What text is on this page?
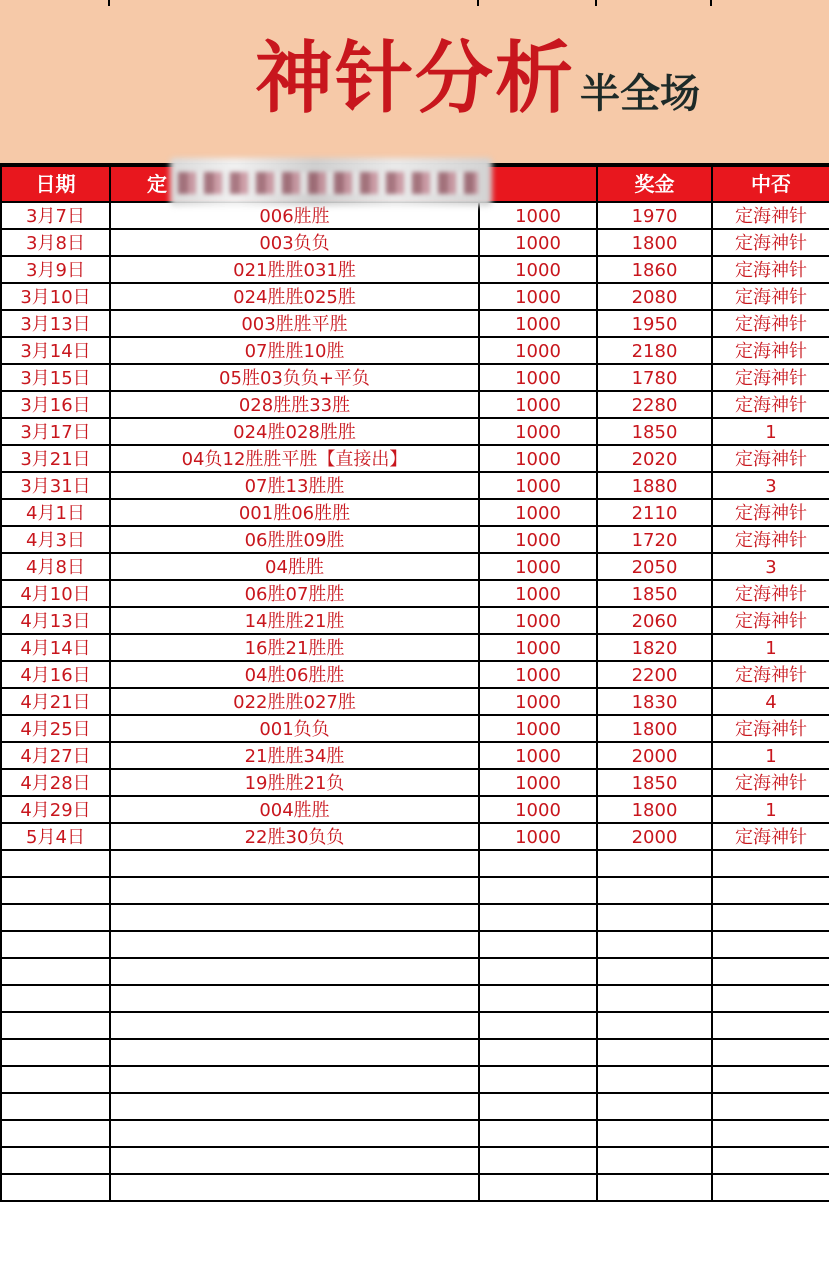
神针分析 半全场
日期	定		奖金	中否
3月7日	006胜胜	1000	1970	定海神针
3月8日	003负负	1000	1800	定海神针
3月9日	021胜胜031胜	1000	1860	定海神针
3月10日	024胜胜025胜	1000	2080	定海神针
3月13日	003胜胜平胜	1000	1950	定海神针
3月14日	07胜胜10胜	1000	2180	定海神针
3月15日	05胜03负负+平负	1000	1780	定海神针
3月16日	028胜胜33胜	1000	2280	定海神针
3月17日	024胜028胜胜	1000	1850	1
3月21日	04负12胜胜平胜【直接出】	1000	2020	定海神针
3月31日	07胜13胜胜	1000	1880	3
4月1日	001胜06胜胜	1000	2110	定海神针
4月3日	06胜胜09胜	1000	1720	定海神针
4月8日	04胜胜	1000	2050	3
4月10日	06胜07胜胜	1000	1850	定海神针
4月13日	14胜胜21胜	1000	2060	定海神针
4月14日	16胜21胜胜	1000	1820	1
4月16日	04胜06胜胜	1000	2200	定海神针
4月21日	022胜胜027胜	1000	1830	4
4月25日	001负负	1000	1800	定海神针
4月27日	21胜胜34胜	1000	2000	1
4月28日	19胜胜21负	1000	1850	定海神针
4月29日	004胜胜	1000	1800	1
5月4日	22胜30负负	1000	2000	定海神针
